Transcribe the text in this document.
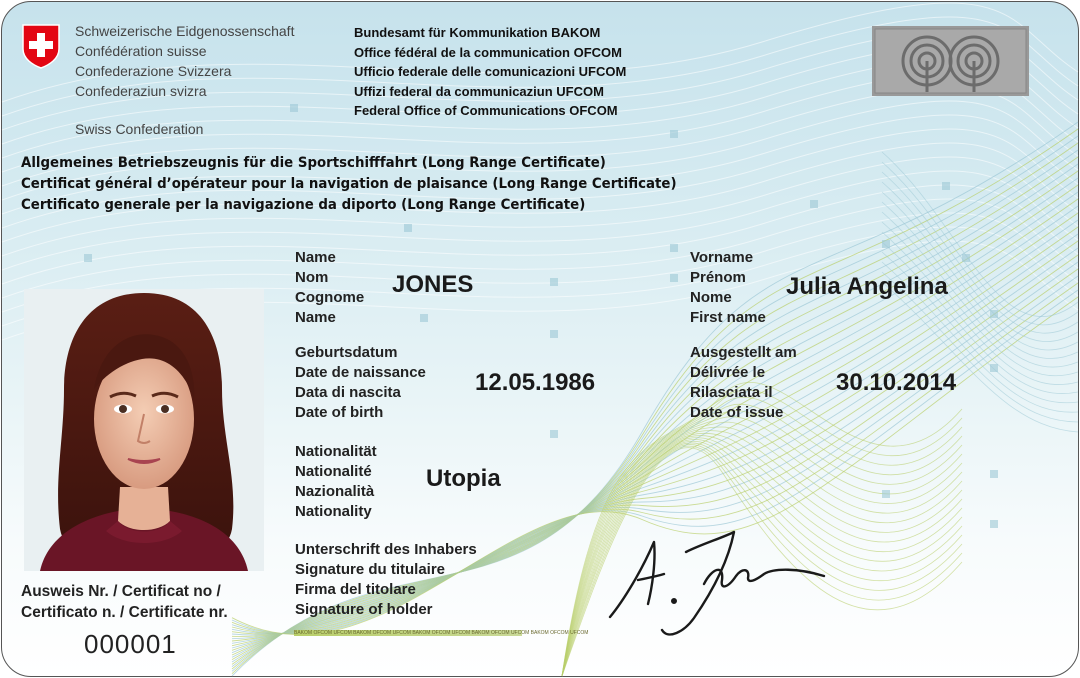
Schweizerische Eidgenossenschaft
Confédération suisse
Confederazione Svizzera
Confederaziun svizra
Swiss Confederation
Bundesamt für Kommunikation BAKOM
Office fédéral de la communication OFCOM
Ufficio federale delle comunicazioni UFCOM
Uffizi federal da communicaziun UFCOM
Federal Office of Communications OFCOM
Allgemeines Betriebszeugnis für die Sportschifffahrt (Long Range Certificate)
Certificat général d’opérateur pour la navigation de plaisance (Long Range Certificate)
Certificato generale per la navigazione da diporto (Long Range Certificate)
Name
Nom
Cognome
Name
JONES
Vorname
Prénom
Nome
First name
Julia Angelina
Geburtsdatum
Date de naissance
Data di nascita
Date of birth
12.05.1986
Ausgestellt am
Délivrée le
Rilasciata il
Date of issue
30.10.2014
Nationalität
Nationalité
Nazionalità
Nationality
Utopia
Unterschrift des Inhabers
Signature du titulaire
Firma del titolare
Signature of holder
Ausweis Nr. / Certificat no /
Certificato n. / Certificate nr.
000001	BAKOM OFCOM UFCOM BAKOM OFCOM UFCOM BAKOM OFCOM UFCOM BAKOM OFCOM UFCOM BAKOM OFCOM UFCOM
